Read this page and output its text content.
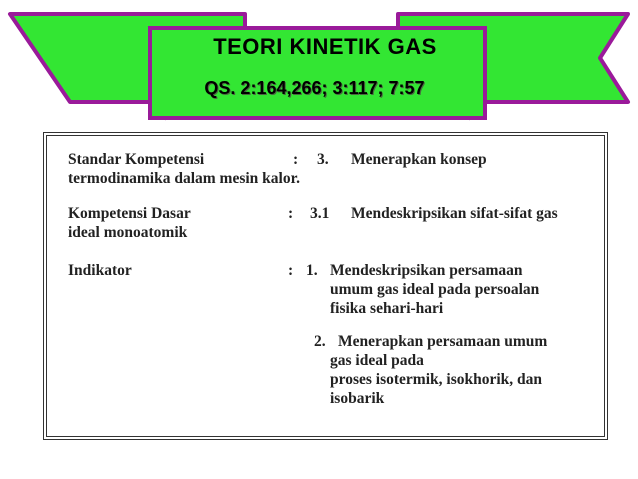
TEORI KINETIK GAS
QS. 2:164,266; 3:117; 7:57
Standar Kompetensi	: 3. Menerapkan konsep
termodinamika dalam mesin kalor.
Kompetensi Dasar	: 3.1 Mendeskripsikan sifat-sifat gas
ideal monoatomik
Indikator	: 1. Mendeskripsikan persamaan
umum gas ideal pada persoalan
fisika sehari-hari
2. Menerapkan persamaan umum
gas ideal pada
proses isotermik, isokhorik, dan
isobarik
